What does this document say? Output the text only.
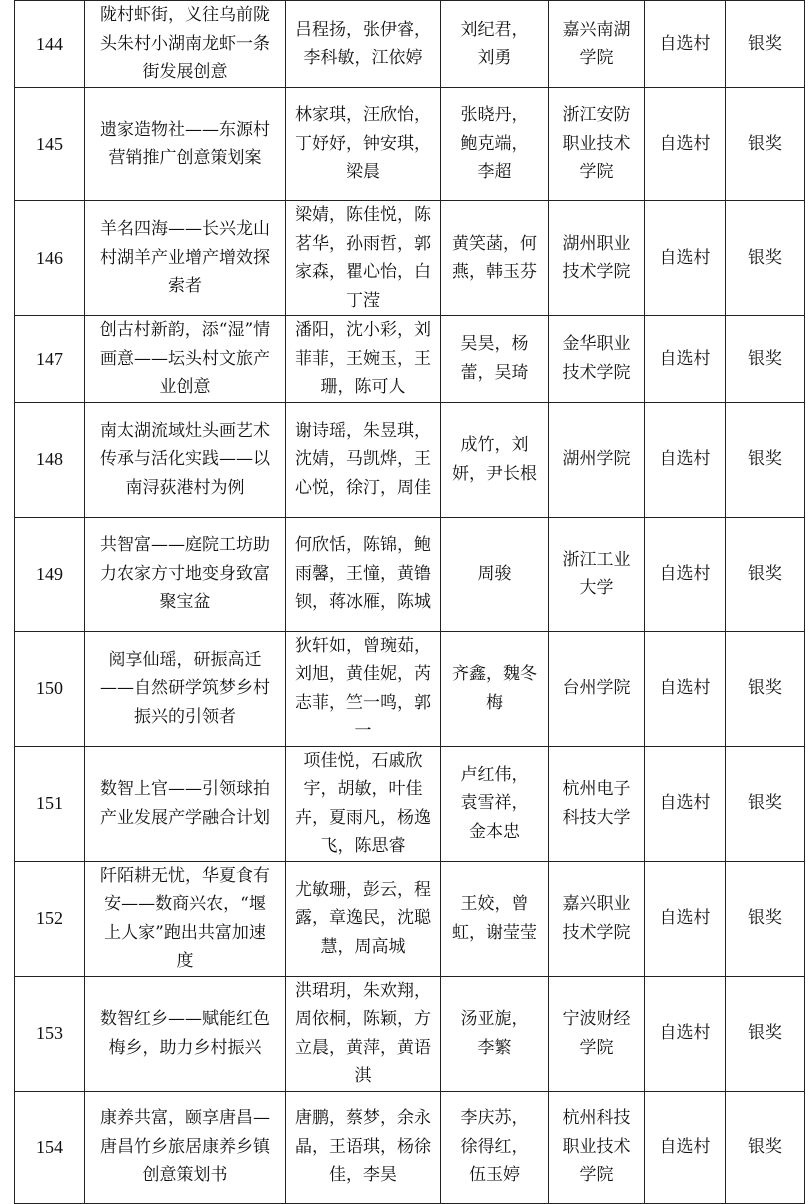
144	陇村虾街，义往乌前陇头朱村小湖南龙虾一条街发展创意	吕程扬，张伊睿，李科敏，江依婷	刘纪君，
刘勇	嘉兴南湖学院	自选村	银奖

145	遗家造物社——东源村营销推广创意策划案	林家琪，汪欣怡，丁妤妤，钟安琪，梁晨	张晓丹，
鲍克端，
李超	浙江安防职业技术学院	自选村	银奖

146	羊名四海——长兴龙山村湖羊产业增产增效探索者	梁婧，陈佳悦，陈茗华，孙雨哲，郭家森，瞿心怡，白丁滢	黄笑菡，何燕，韩玉芬	湖州职业技术学院	自选村	银奖

147	创古村新韵，添“湿”情画意——坛头村文旅产业创意	潘阳，沈小彩，刘菲菲，王婉玉，王珊，陈可人	吴昊，杨蕾，吴琦	金华职业技术学院	自选村	银奖

148	南太湖流域灶头画艺术传承与活化实践——以南浔荻港村为例	谢诗瑶，朱昱琪，沈婧，马凯烨，王心悦，徐汀，周佳	成竹，刘妍，尹长根	湖州学院	自选村	银奖

149	共智富——庭院工坊助力农家方寸地变身致富聚宝盆	何欣恬，陈锦，鲍雨馨，王憧，黄镥钡，蒋冰雁，陈城	周骏	浙江工业大学	自选村	银奖

150	阅享仙瑶，研振高迁——自然研学筑梦乡村振兴的引领者	狄轩如，曾琬茹，刘旭，黄佳妮，芮志菲，竺一鸣，郭一	齐鑫，魏冬梅	台州学院	自选村	银奖

151	数智上官——引领球拍产业发展产学融合计划	项佳悦，石戚欣宇，胡敏，叶佳卉，夏雨凡，杨逸飞，陈思睿	卢红伟，
袁雪祥，
金本忠	杭州电子科技大学	自选村	银奖

152	阡陌耕无忧，华夏食有安——数商兴农，“堰上人家”跑出共富加速度	尤敏珊，彭云，程露，章逸民，沈聪慧，周高城	王姣，曾虹，谢莹莹	嘉兴职业技术学院	自选村	银奖

153	数智红乡——赋能红色梅乡，助力乡村振兴	洪珺玥，朱欢翔，周依桐，陈颖，方立晨，黄萍，黄语淇	汤亚旎，
李繁	宁波财经学院	自选村	银奖

154	康养共富，颐享唐昌—唐昌竹乡旅居康养乡镇创意策划书	唐鹏，蔡梦，余永晶，王语琪，杨徐佳，李昊	李庆苏，
徐得红，
伍玉婷	杭州科技职业技术学院	自选村	银奖
